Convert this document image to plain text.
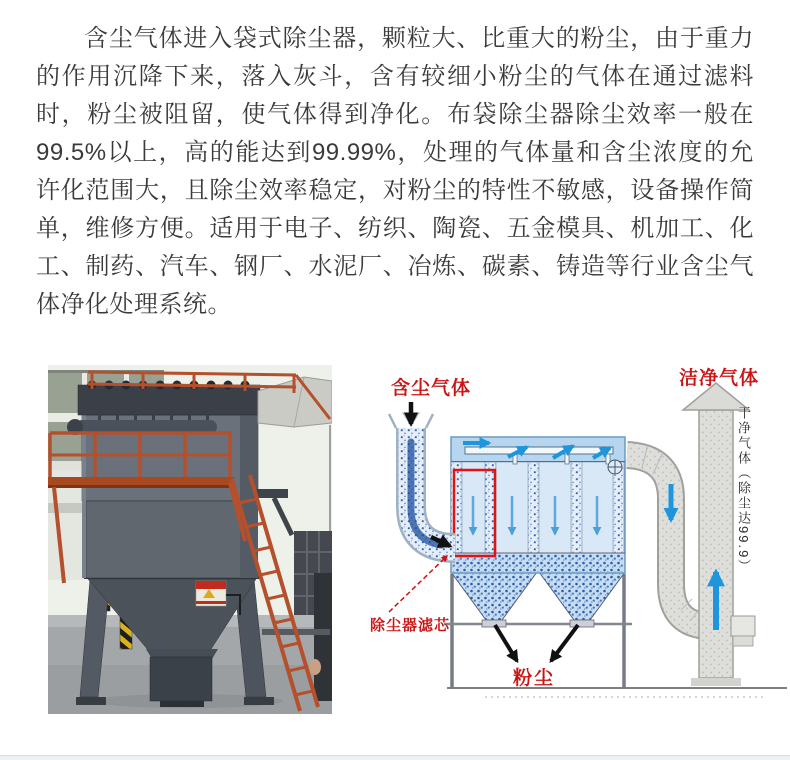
含尘气体进入袋式除尘器，颗粒大、比重大的粉尘，由于重力的作用沉降下来，落入灰斗，含有较细小粉尘的气体在通过滤料时，粉尘被阻留，使气体得到净化。布袋除尘器除尘效率一般在99.5%以上，高的能达到99.99%，处理的气体量和含尘浓度的允许化范围大，且除尘效率稳定，对粉尘的特性不敏感，设备操作简单，维修方便。适用于电子、纺织、陶瓷、五金模具、机加工、化工、制药、汽车、钢厂、水泥厂、冶炼、碳素、铸造等行业含尘气体净化处理系统。

含尘气体	洁净气体
干净气体（除尘达99.9）
除尘器滤芯
粉尘
